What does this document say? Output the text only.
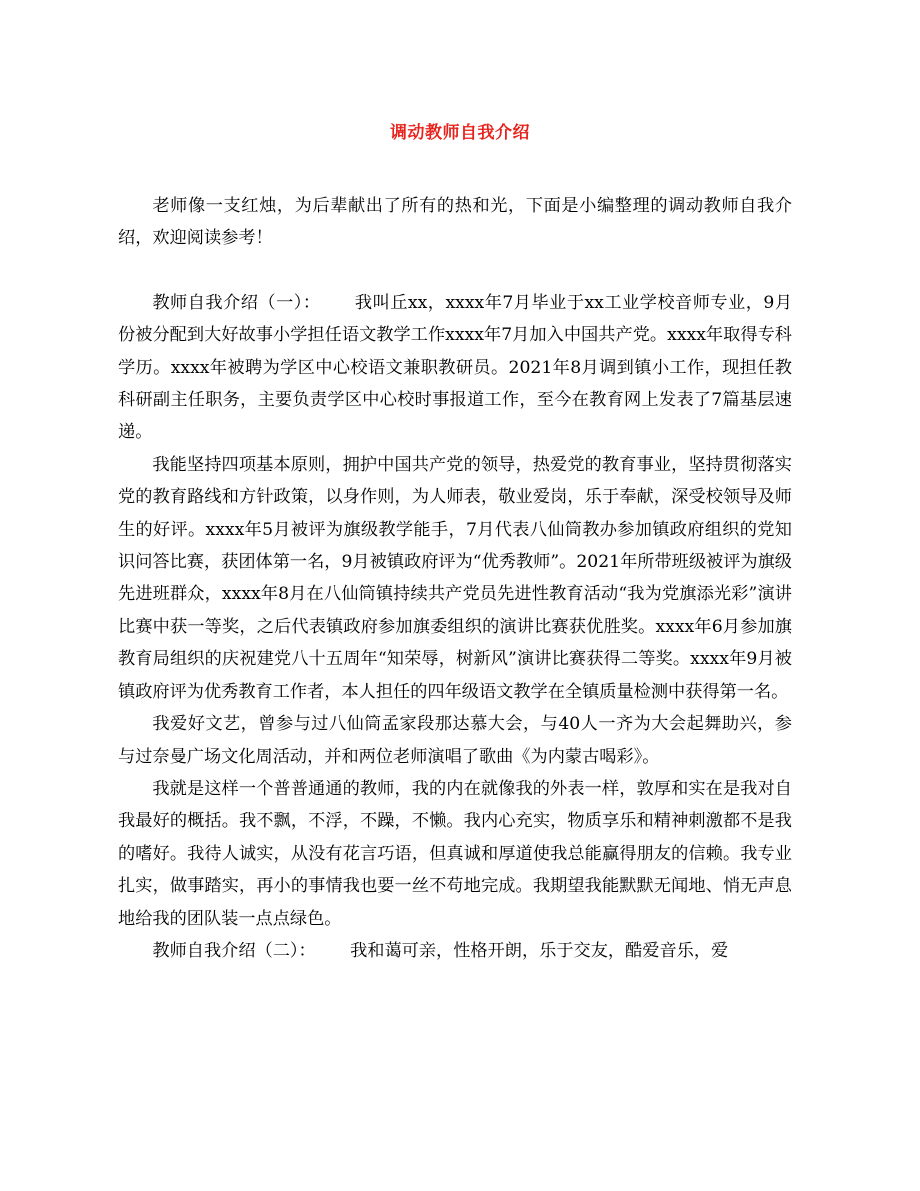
调动教师自我介绍

老师像一支红烛，为后辈献出了所有的热和光，下面是小编整理的调动教师自我介绍，欢迎阅读参考！

教师自我介绍（一）： 我叫丘xx，xxxx年7月毕业于xx工业学校音师专业，9月份被分配到大好故事小学担任语文教学工作xxxx年7月加入中国共产党。xxxx年取得专科学历。xxxx年被聘为学区中心校语文兼职教研员。2021年8月调到镇小工作，现担任教科研副主任职务，主要负责学区中心校时事报道工作，至今在教育网上发表了7篇基层速递。

我能坚持四项基本原则，拥护中国共产党的领导，热爱党的教育事业，坚持贯彻落实党的教育路线和方针政策，以身作则，为人师表，敬业爱岗，乐于奉献，深受校领导及师生的好评。xxxx年5月被评为旗级教学能手，7月代表八仙筒教办参加镇政府组织的党知识问答比赛，获团体第一名，9月被镇政府评为“优秀教师”。2021年所带班级被评为旗级先进班群众，xxxx年8月在八仙筒镇持续共产党员先进性教育活动“我为党旗添光彩”演讲比赛中获一等奖，之后代表镇政府参加旗委组织的演讲比赛获优胜奖。xxxx年6月参加旗教育局组织的庆祝建党八十五周年“知荣辱，树新风”演讲比赛获得二等奖。xxxx年9月被镇政府评为优秀教育工作者，本人担任的四年级语文教学在全镇质量检测中获得第一名。

我爱好文艺，曾参与过八仙筒孟家段那达慕大会，与40人一齐为大会起舞助兴，参与过奈曼广场文化周活动，并和两位老师演唱了歌曲《为内蒙古喝彩》。

我就是这样一个普普通通的教师，我的内在就像我的外表一样，敦厚和实在是我对自我最好的概括。我不飘，不浮，不躁，不懒。我内心充实，物质享乐和精神刺激都不是我的嗜好。我待人诚实，从没有花言巧语，但真诚和厚道使我总能赢得朋友的信赖。我专业扎实，做事踏实，再小的事情我也要一丝不苟地完成。我期望我能默默无闻地、悄无声息地给我的团队装一点点绿色。

教师自我介绍（二）： 我和蔼可亲，性格开朗，乐于交友，酷爱音乐，爱
